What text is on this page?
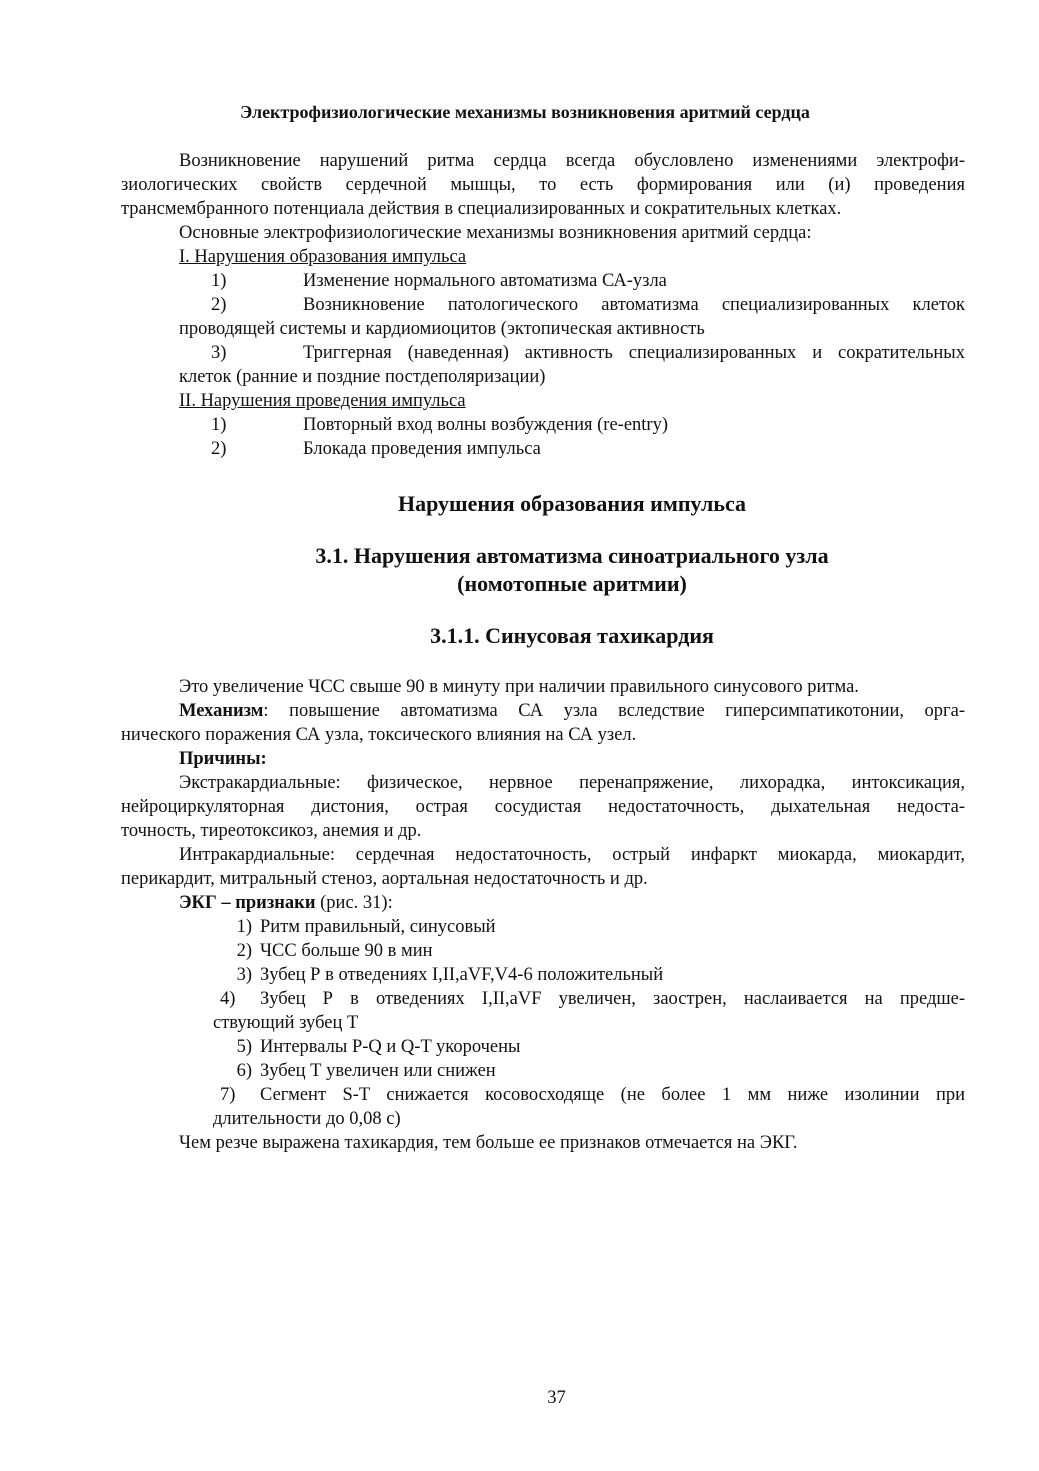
Электрофизиологические механизмы возникновения аритмий сердца
Возникновение нарушений ритма сердца всегда обусловлено изменениями электрофи-
зиологических свойств сердечной мышцы, то есть формирования или (и) проведения
трансмембранного потенциала действия в специализированных и сократительных клетках.
Основные электрофизиологические механизмы возникновения аритмий сердца:
I. Нарушения образования импульса
1)	Изменение нормального автоматизма СА-узла
2)	Возникновение патологического автоматизма специализированных клеток
проводящей системы и кардиомиоцитов (эктопическая активность
3)	Триггерная (наведенная) активность специализированных и сократительных
клеток (ранние и поздние постдеполяризации)
II. Нарушения проведения импульса
1)	Повторный вход волны возбуждения (re-entry)
2)	Блокада проведения импульса
Нарушения образования импульса
3.1. Нарушения автоматизма синоатриального узла
(номотопные аритмии)
3.1.1. Синусовая тахикардия
Это увеличение ЧСС свыше 90 в минуту при наличии правильного синусового ритма.
Механизм: повышение автоматизма СА узла вследствие гиперсимпатикотонии, орга-
нического поражения СА узла, токсического влияния на СА узел.
Причины:
Экстракардиальные: физическое, нервное перенапряжение, лихорадка, интоксикация,
нейроциркуляторная дистония, острая сосудистая недостаточность, дыхательная недоста-
точность, тиреотоксикоз, анемия и др.
Интракардиальные: сердечная недостаточность, острый инфаркт миокарда, миокардит,
перикардит, митральный стеноз, аортальная недостаточность и др.
ЭКГ – признаки (рис. 31):
1) Ритм правильный, синусовый
2) ЧСС больше 90 в мин
3) Зубец Р в отведениях I,II,aVF,V4-6 положительный
4) Зубец Р в отведениях I,II,aVF увеличен, заострен, наслаивается на предше-
ствующий зубец Т
5) Интервалы P-Q и Q-T укорочены
6) Зубец Т увеличен или снижен
7) Сегмент S-T снижается косовосходяще (не более 1 мм ниже изолинии при
длительности до 0,08 с)
Чем резче выражена тахикардия, тем больше ее признаков отмечается на ЭКГ.
37
